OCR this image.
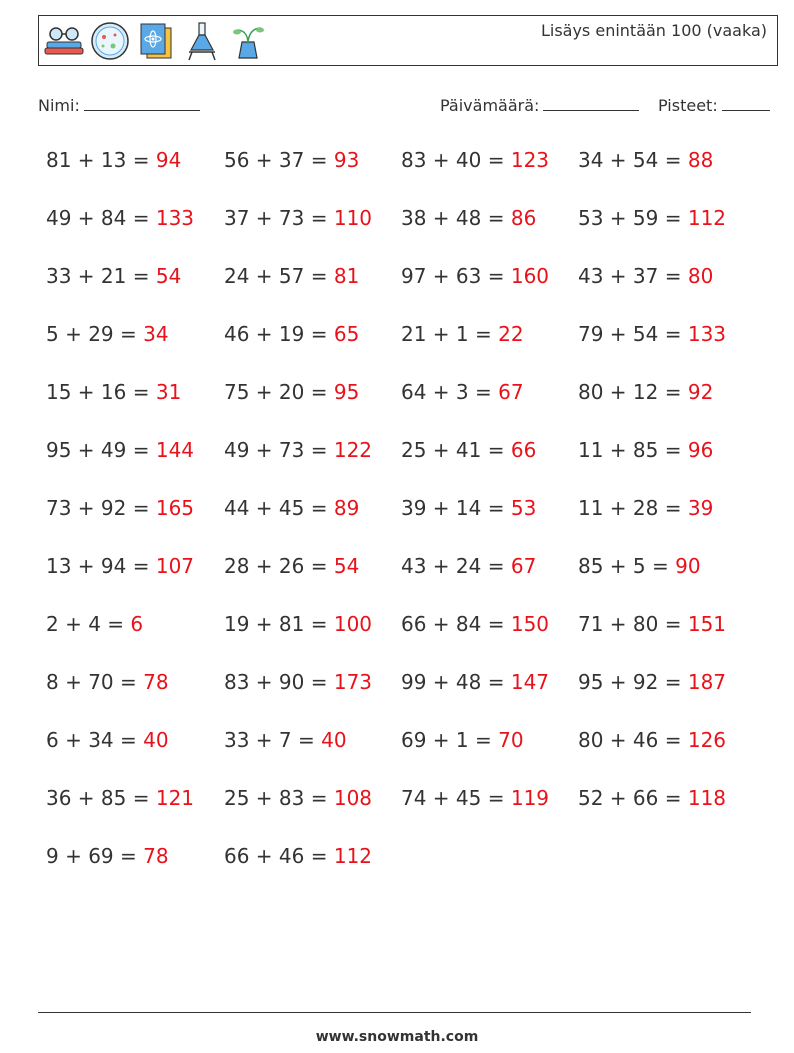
Lisäys enintään 100 (vaaka)
Nimi:	Päivämäärä:	Pisteet:
81 + 13 = 94 56 + 37 = 93 83 + 40 = 123 34 + 54 = 88
49 + 84 = 133 37 + 73 = 110 38 + 48 = 86 53 + 59 = 112
33 + 21 = 54 24 + 57 = 81 97 + 63 = 160 43 + 37 = 80
5 + 29 = 34	46 + 19 = 65 21 + 1 = 22	79 + 54 = 133
15 + 16 = 31 75 + 20 = 95 64 + 3 = 67	80 + 12 = 92
95 + 49 = 144 49 + 73 = 122 25 + 41 = 66 11 + 85 = 96
73 + 92 = 165 44 + 45 = 89 39 + 14 = 53 11 + 28 = 39
13 + 94 = 107 28 + 26 = 54 43 + 24 = 67 85 + 5 = 90
2 + 4 = 6	19 + 81 = 100 66 + 84 = 150 71 + 80 = 151
8 + 70 = 78	83 + 90 = 173 99 + 48 = 147 95 + 92 = 187
6 + 34 = 40	33 + 7 = 40	69 + 1 = 70	80 + 46 = 126
36 + 85 = 121 25 + 83 = 108 74 + 45 = 119 52 + 66 = 118
9 + 69 = 78	66 + 46 = 112
www.snowmath.com
